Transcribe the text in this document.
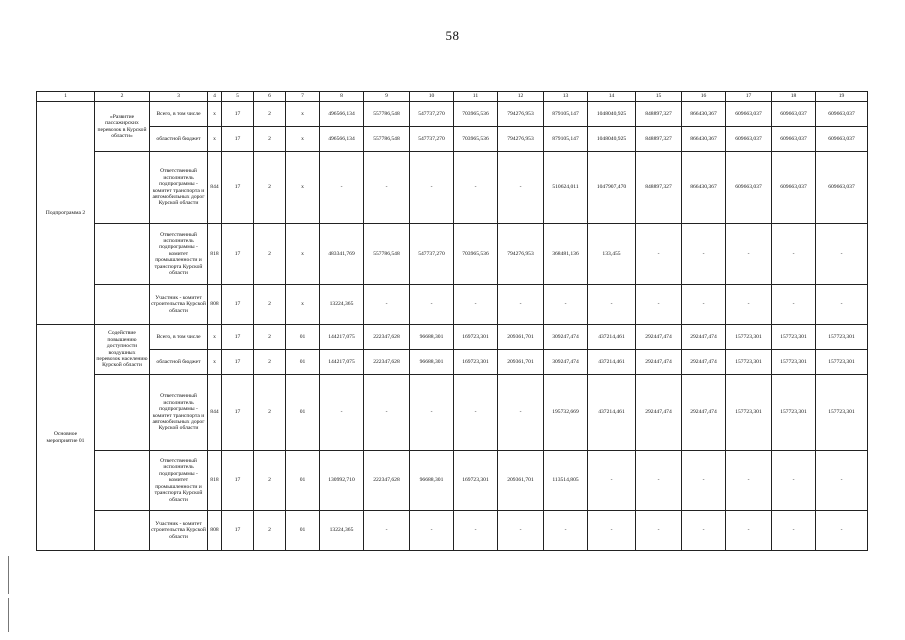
58
1	2	3	4	5	6	7	8	9	10	11	12	13	14	15	16	17	18	19
Подпрограмма 2	«Развитие пассажирских перевозок в Курской области»	Всего, в том числе	х	17	2	х	496566,134	557786,548	547737,270	703965,536	794276,953	879105,147	1048040,925	848897,327	866430,367	609663,037	609663,037	609663,037
		областной бюджет	х	17	2	х	496566,134	557786,548	547737,270	703965,536	794276,953	879105,147	1048040,925	848897,327	866430,367	609663,037	609663,037	609663,037
		Ответственный исполнитель подпрограммы - комитет транспорта и автомобильных дорог Курской области	844	17	2	х	-	-	-	-	-	510624,011	1047907,470	848897,327	866430,367	609663,037	609663,037	609663,037
		Ответственный исполнитель подпрограммы - комитет промышленности и транспорта Курской области	818	17	2	х	483341,769	557786,548	547737,270	703965,536	794276,953	368481,136	133,455	-	-	-	-	-
		Участник - комитет строительства Курской области	808	17	2	х	13224,365	-	-	-	-	-	-	-	-	-	-	-
Основное мероприятие 01	Содействие повышению доступности воздушных перевозок населению Курской области	Всего, в том числе	х	17	2	01	144217,075	222347,628	96688,301	169723,301	209361,701	309247,474	437214,461	292447,474	292447,474	157723,301	157723,301	157723,301
		областной бюджет	х	17	2	01	144217,075	222347,628	96688,301	169723,301	209361,701	309247,474	437214,461	292447,474	292447,474	157723,301	157723,301	157723,301
		Ответственный исполнитель подпрограммы - комитет транспорта и автомобильных дорог Курской области	844	17	2	01	-	-	-	-	-	195732,669	437214,461	292447,474	292447,474	157723,301	157723,301	157723,301
		Ответственный исполнитель подпрограммы - комитет промышленности и транспорта Курской области	818	17	2	01	130992,710	222347,628	96688,301	169723,301	209361,701	113514,805	-	-	-	-	-	-
		Участник - комитет строительства Курской области	808	17	2	01	13224,365	-	-	-	-	-	-	-	-	-	-	-
